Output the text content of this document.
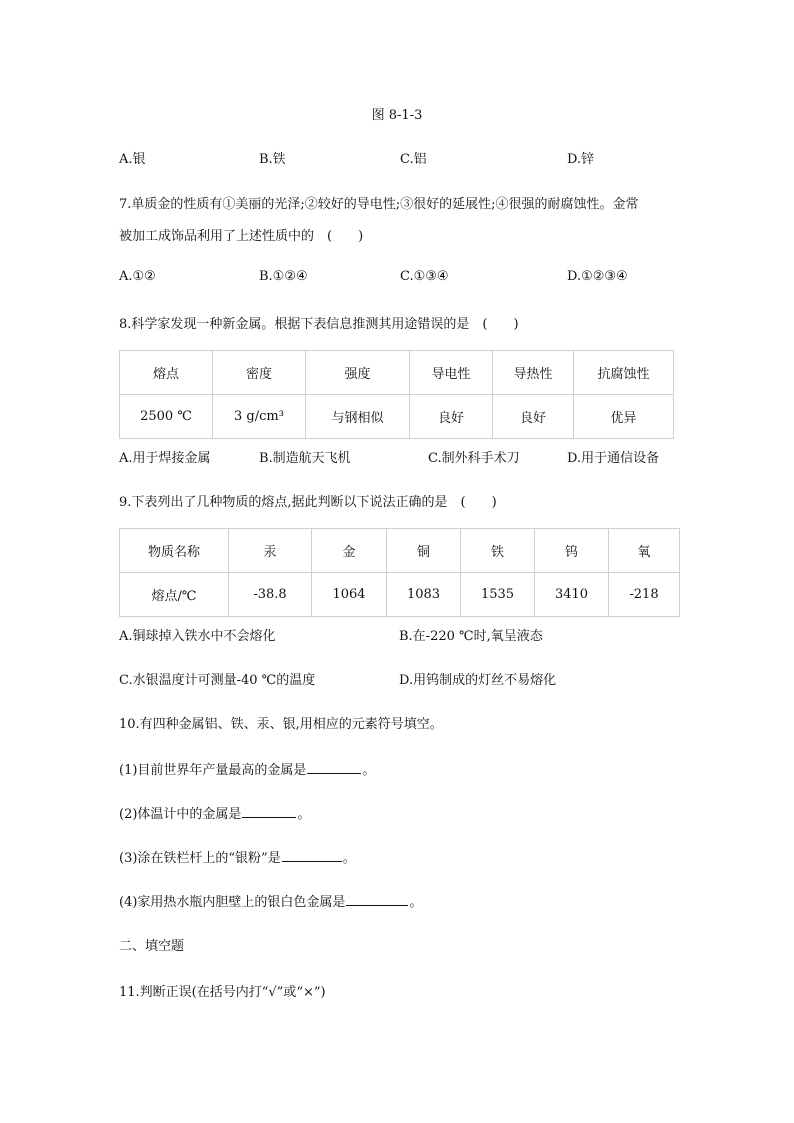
图 8-1-3
A.银	B.铁	C.铝	D.锌
7.单质金的性质有①美丽的光泽;②较好的导电性;③很好的延展性;④很强的耐腐蚀性。金常
被加工成饰品利用了上述性质中的　(　　)
A.①②	B.①②④	C.①③④	D.①②③④
8.科学家发现一种新金属。根据下表信息推测其用途错误的是　(　　)
熔点	密度	强度	导电性	导热性	抗腐蚀性
2500 ℃	3 g/cm³	与钢相似	良好	良好	优异
A.用于焊接金属	B.制造航天飞机	C.制外科手术刀	D.用于通信设备
9.下表列出了几种物质的熔点,据此判断以下说法正确的是　(　　)
物质名称	汞	金	铜	铁	钨	氧
熔点/℃	-38.8	1064	1083	1535	3410	-218
A.铜球掉入铁水中不会熔化	B.在-220 ℃时,氧呈液态
C.水银温度计可测量-40 ℃的温度	D.用钨制成的灯丝不易熔化
10.有四种金属铝、铁、汞、银,用相应的元素符号填空。
(1)目前世界年产量最高的金属是	。
(2)体温计中的金属是	。
(3)涂在铁栏杆上的“银粉”是	。
(4)家用热水瓶内胆壁上的银白色金属是	。
二、填空题
11.判断正误(在括号内打“√”或“×”)
